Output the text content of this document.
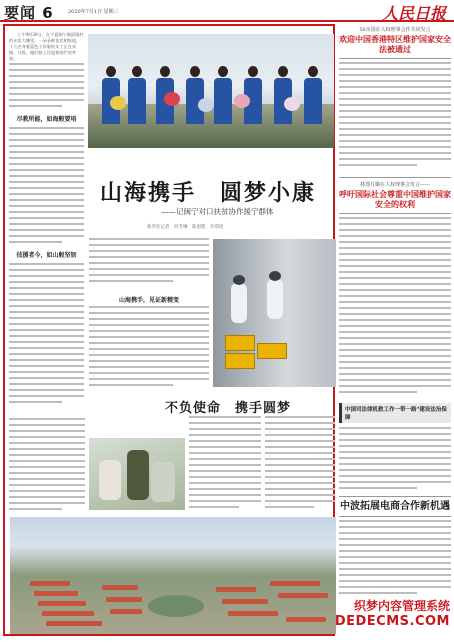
要闻 6	2020年7月1日 星期三	人民日报
上午9时30分，在宁夏闽宁镇原隆村的光伏大棚里，一朵朵鲜花竞相绽放，十几名身着蓝色工作服的女工正在采摘、分拣，她们脸上洋溢着灿烂的笑容。
尽教所能，如海般要培
技援者今，如山般坚韧
山海携手　圆梦小康
——记闽宁对口扶贫协作援宁群体
新华社记者　何芳琳　陈旭程　许琪瑶
山海携手，见证新精变
不负使命　携手圆梦
50余国在人权理事会作共同发言
欢迎中国香港特区维护国家安全法被通过
林郑月娥在人权理事会发言——
呼吁国际社会尊重中国维护国家安全的权利
中国司法律机救工作一带一路"建设法治保障
中波拓展电商合作新机遇
织梦内容管理系统
DEDECMS.COM
